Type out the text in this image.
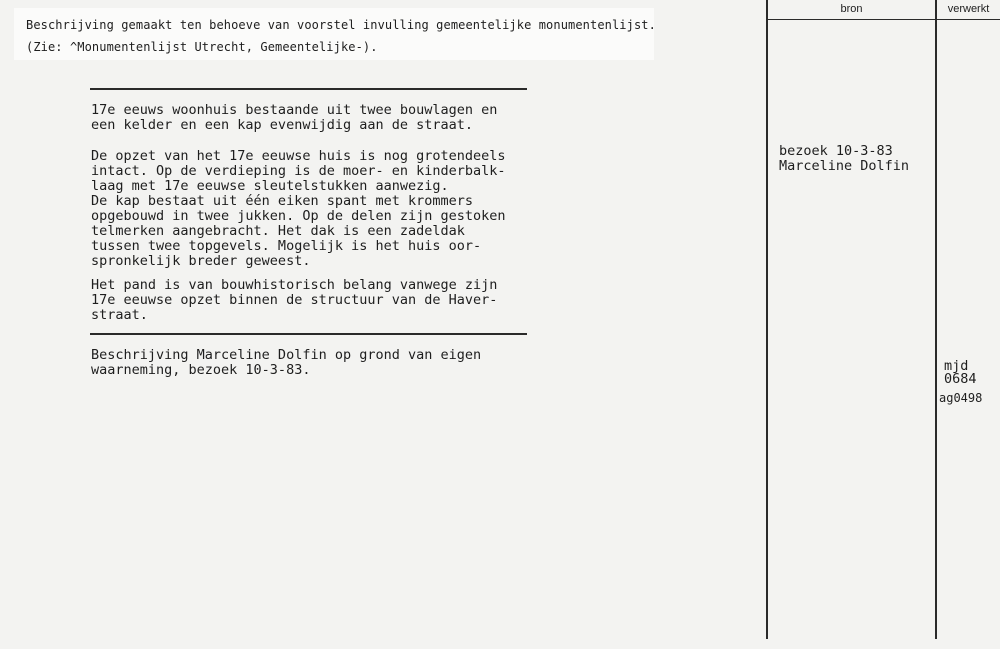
Beschrijving gemaakt ten behoeve van voorstel invulling gemeentelijke monumentenlijst.
(Zie: ^Monumentenlijst Utrecht, Gemeentelijke-).
17e eeuws woonhuis bestaande uit twee bouwlagen en
een kelder en een kap evenwijdig aan de straat.
De opzet van het 17e eeuwse huis is nog grotendeels
intact. Op de verdieping is de moer- en kinderbalk-
laag met 17e eeuwse sleutelstukken aanwezig.
De kap bestaat uit één eiken spant met krommers
opgebouwd in twee jukken. Op de delen zijn gestoken
telmerken aangebracht. Het dak is een zadeldak
tussen twee topgevels. Mogelijk is het huis oor-
spronkelijk breder geweest.
Het pand is van bouwhistorisch belang vanwege zijn
17e eeuwse opzet binnen de structuur van de Haver-
straat.
Beschrijving Marceline Dolfin op grond van eigen
waarneming, bezoek 10-3-83.
bron	verwerkt
bezoek 10-3-83
Marceline Dolfin
mjd
0684
ag0498
